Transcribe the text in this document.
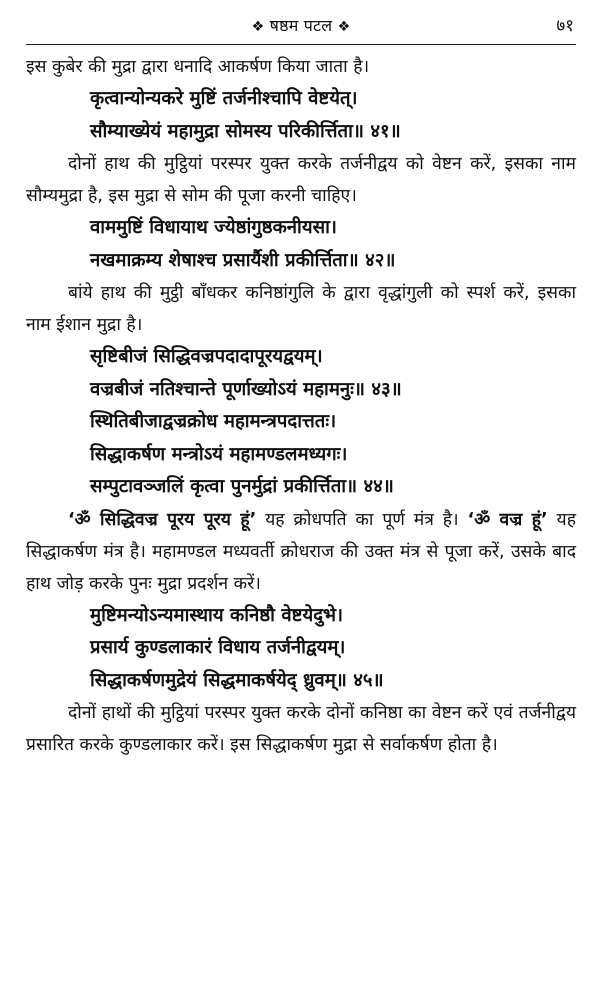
❖ षष्ठम पटल ❖	७१

इस कुबेर की मुद्रा द्वारा धनादि आकर्षण किया जाता है।

कृत्वान्योन्यकरे मुष्टिं तर्जनीश्चापि वेष्टयेत्।

सौम्याख्येयं महामुद्रा सोमस्य परिकीर्त्तिता॥ ४१॥

दोनों हाथ की मुट्ठियां परस्पर युक्त करके तर्जनीद्वय को वेष्टन करें, इसका नाम सौम्यमुद्रा है, इस मुद्रा से सोम की पूजा करनी चाहिए।

वाममुष्टिं विधायाथ ज्येष्ठांगुष्ठकनीयसा।

नखमाक्रम्य शेषाश्च प्रसार्यैशी प्रकीर्त्तिता॥ ४२॥

बांये हाथ की मुट्ठी बाँधकर कनिष्ठांगुलि के द्वारा वृद्धांगुली को स्पर्श करें, इसका नाम ईशान मुद्रा है।

सृष्टिबीजं सिद्धिवज्रपदादापूरयद्वयम्।

वज्रबीजं नतिश्चान्ते पूर्णाख्योऽयं महामनुः॥ ४३॥

स्थितिबीजाद्वज्रक्रोध महामन्त्रपदात्ततः।

सिद्धाकर्षण मन्त्रोऽयं महामण्डलमध्यगः।

सम्पुटावञ्जलिं कृत्वा पुनर्मुद्रां प्रकीर्त्तिता॥ ४४॥

‘ॐ सिद्धिवज्र पूरय पूरय हूं’ यह क्रोधपति का पूर्ण मंत्र है। ‘ॐ वज्र हूं’ यह सिद्धाकर्षण मंत्र है। महामण्डल मध्यवर्ती क्रोधराज की उक्त मंत्र से पूजा करें, उसके बाद हाथ जोड़ करके पुनः मुद्रा प्रदर्शन करें।

मुष्टिमन्योऽन्यमास्थाय कनिष्ठौ वेष्टयेदुभे।

प्रसार्य कुण्डलाकारं विधाय तर्जनीद्वयम्।

सिद्धाकर्षणमुद्रेयं सिद्धमाकर्षयेद् ध्रुवम्॥ ४५॥

दोनों हाथों की मुट्ठियां परस्पर युक्त करके दोनों कनिष्ठा का वेष्टन करें एवं तर्जनीद्वय प्रसारित करके कुण्डलाकार करें। इस सिद्धाकर्षण मुद्रा से सर्वाकर्षण होता है।
